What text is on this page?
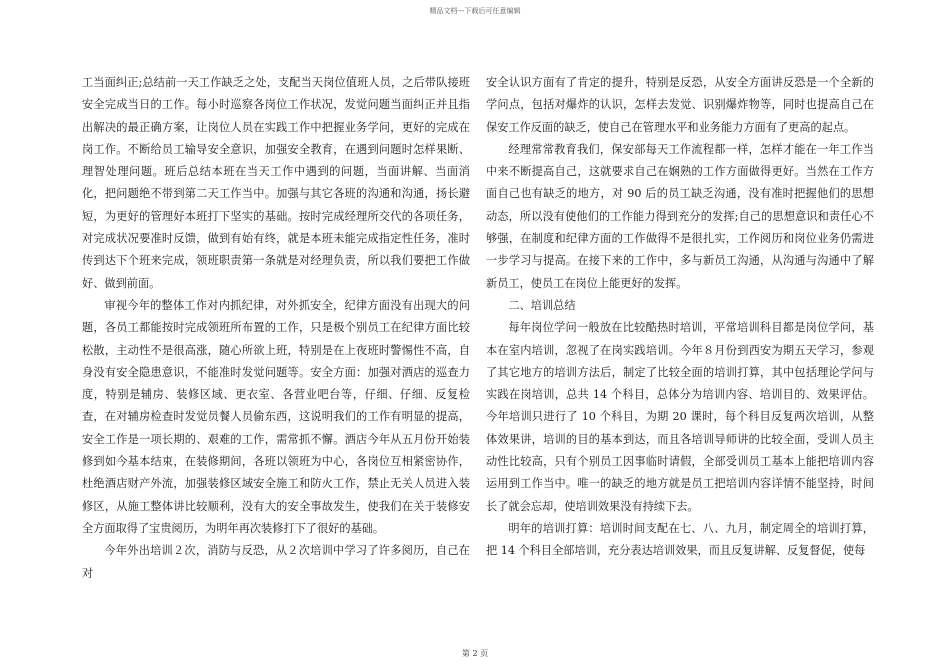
精品文档---下载后可任意编辑

工当面纠正;总结前一天工作缺乏之处，支配当天岗位值班人员，之后带队接班安全完成当日的工作。每小时巡察各岗位工作状况，发觉问题当面纠正并且指出解决的最正确方案，让岗位人员在实践工作中把握业务学问，更好的完成在岗工作。不断给员工输导安全意识，加强安全教育，在遇到问题时怎样果断、理智处理问题。班后总结本班在当天工作中遇到的问题，当面讲解、当面消化，把问题绝不带到第二天工作当中。加强与其它各班的沟通和沟通，扬长避短，为更好的管理好本班打下坚实的基础。按时完成经理所交代的各项任务，对完成状况要准时反馈，做到有始有终，就是本班未能完成指定性任务，准时传到达下个班来完成，领班职责第一条就是对经理负责，所以我们要把工作做好、做到前面。

审视今年的整体工作对内抓纪律，对外抓安全，纪律方面没有出现大的问题，各员工都能按时完成领班所布置的工作，只是极个别员工在纪律方面比较松散，主动性不是很高涨，随心所欲上班，特别是在上夜班时警惕性不高，自身没有安全隐患意识，不能准时发觉问题等。安全方面：加强对酒店的巡查力度，特别是辅房、装修区域、更衣室、各营业吧台等，仔细、仔细、反复检查，在对辅房检查时发觉员餐人员偷东西，这说明我们的工作有明显的提高，安全工作是一项长期的、艰难的工作，需常抓不懈。酒店今年从五月份开始装修到如今基本结束，在装修期间，各班以领班为中心，各岗位互相紧密协作，杜绝酒店财产外流，加强装修区域安全施工和防火工作，禁止无关人员进入装修区，从施工整体讲比较顺利，没有大的安全事故发生，使我们在关于装修安全方面取得了宝贵阅历，为明年再次装修打下了很好的基础。

今年外出培训２次，消防与反恐，从２次培训中学习了许多阅历，自己在对

安全认识方面有了肯定的提升，特别是反恐，从安全方面讲反恐是一个全新的学问点，包括对爆炸的认识，怎样去发觉、识别爆炸物等，同时也提高自己在保安工作反面的缺乏，使自己在管理水平和业务能力方面有了更高的起点。

经理常常教育我们，保安部每天工作流程都一样，怎样才能在一年工作当中来不断提高自己，这就要求自己在娴熟的工作方面做得更好。当然在工作方面自己也有缺乏的地方，对 90 后的员工缺乏沟通，没有准时把握他们的思想动态，所以没有使他们的工作能力得到充分的发挥;自己的思想意识和责任心不够强，在制度和纪律方面的工作做得不是很扎实，工作阅历和岗位业务仍需进一步学习与提高。在接下来的工作中，多与新员工沟通，从沟通与沟通中了解新员工，使员工在岗位上能更好的发挥。

二、培训总结

每年岗位学问一般放在比较酷热时培训，平常培训科目都是岗位学问，基本在室内培训，忽视了在岗实践培训。今年８月份到西安为期五天学习，参观了其它地方的培训方法后，制定了比较全面的培训打算，其中包括理论学问与实践在岗培训，总共 14 个科目，总体分为培训内容、培训目的、效果评估。今年培训只进行了 10 个科目，为期 20 课时，每个科目反复两次培训，从整体效果讲，培训的目的基本到达，而且各培训导师讲的比较全面，受训人员主动性比较高，只有个别员工因事临时请假，全部受训员工基本上能把培训内容运用到工作当中。唯一的缺乏的地方就是员工把培训内容详情不能坚持，时间长了就会忘却，使培训效果没有持续下去。

明年的培训打算：培训时间支配在七、八、九月，制定周全的培训打算，把 14 个科目全部培训，充分表达培训效果，而且反复讲解、反复督促，使每

第 2 页
